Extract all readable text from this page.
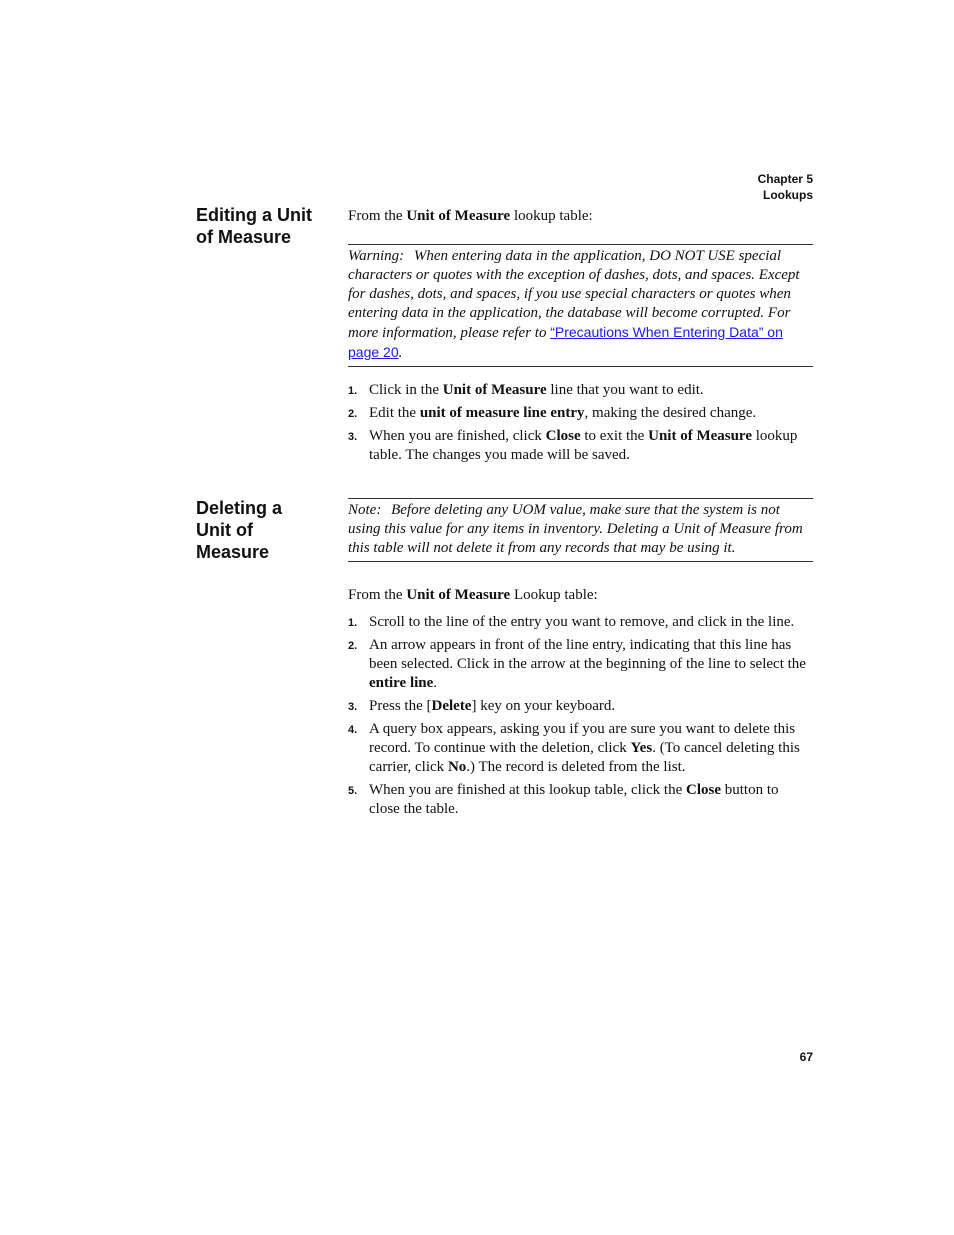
Chapter 5
Lookups
Editing a Unit
of Measure

From the Unit of Measure lookup table:

Warning: When entering data in the application, DO NOT USE special characters or quotes with the exception of dashes, dots, and spaces. Except for dashes, dots, and spaces, if you use special characters or quotes when entering data in the application, the database will become corrupted. For more information, please refer to “Precautions When Entering Data” on page 20.
1. Click in the Unit of Measure line that you want to edit.
2. Edit the unit of measure line entry, making the desired change.
3. When you are finished, click Close to exit the Unit of Measure lookup table. The changes you made will be saved.
Deleting a
Unit of
Measure
Note: Before deleting any UOM value, make sure that the system is not using this value for any items in inventory. Deleting a Unit of Measure from this table will not delete it from any records that may be using it.

From the Unit of Measure Lookup table:

1. Scroll to the line of the entry you want to remove, and click in the line.
2. An arrow appears in front of the line entry, indicating that this line has been selected. Click in the arrow at the beginning of the line to select the entire line.
3. Press the [Delete] key on your keyboard.
4. A query box appears, asking you if you are sure you want to delete this record. To continue with the deletion, click Yes. (To cancel deleting this carrier, click No.) The record is deleted from the list.
5. When you are finished at this lookup table, click the Close button to close the table.
67
